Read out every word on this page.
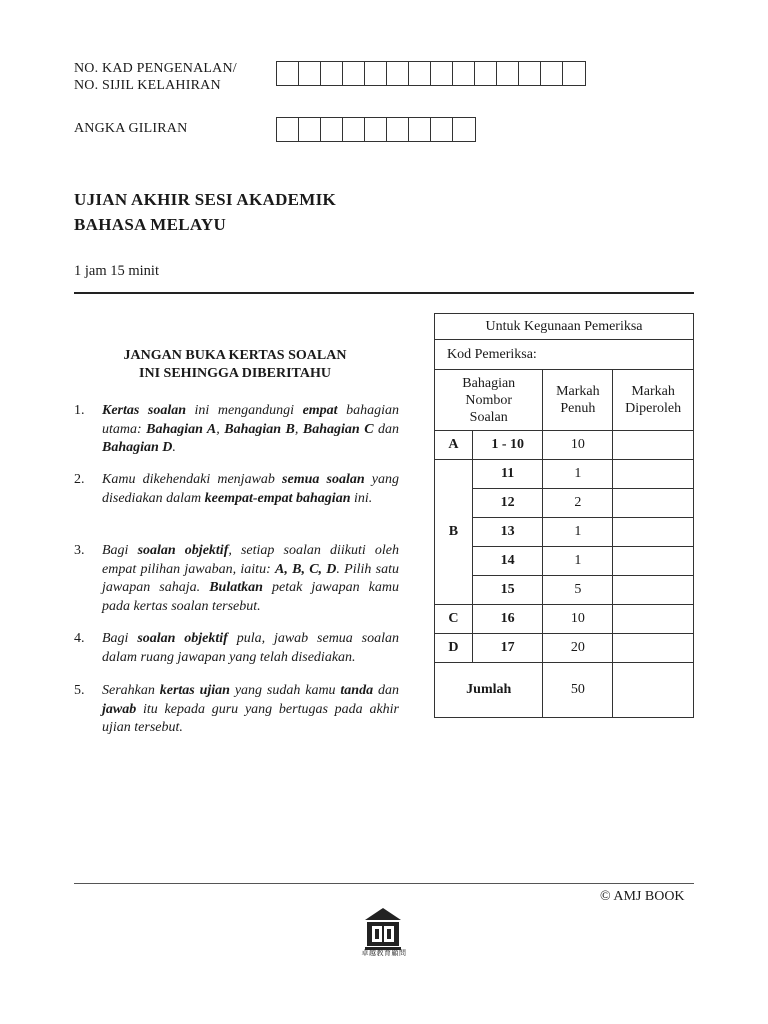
NO. KAD PENGENALAN/
NO. SIJIL KELAHIRAN
ANGKA GILIRAN
UJIAN AKHIR SESI AKADEMIK
BAHASA MELAYU
1 jam 15 minit
JANGAN BUKA KERTAS SOALAN
INI SEHINGGA DIBERITAHU
1. Kertas soalan ini mengandungi empat bahagian utama: Bahagian A, Bahagian B, Bahagian C dan Bahagian D.
2. Kamu dikehendaki menjawab semua soalan yang disediakan dalam keempat-empat bahagian ini.
3. Bagi soalan objektif, setiap soalan diikuti oleh empat pilihan jawaban, iaitu: A, B, C, D. Pilih satu jawapan sahaja. Bulatkan petak jawapan kamu pada kertas soalan tersebut.
4. Bagi soalan objektif pula, jawab semua soalan dalam ruang jawapan yang telah disediakan.
5. Serahkan kertas ujian yang sudah kamu tanda dan jawab itu kepada guru yang bertugas pada akhir ujian tersebut.
Untuk Kegunaan Pemeriksa			
Kod Pemeriksa:			
Bahagian Nombor Soalan		Markah Penuh	Markah Diperoleh
A	1 - 10	10	
B	11	1	
	12	2	
	13	1	
	14	1	
	15	5	
C	16	10	
D	17	20	
Jumlah		50	
© AMJ BOOK
卓越教育顧問
